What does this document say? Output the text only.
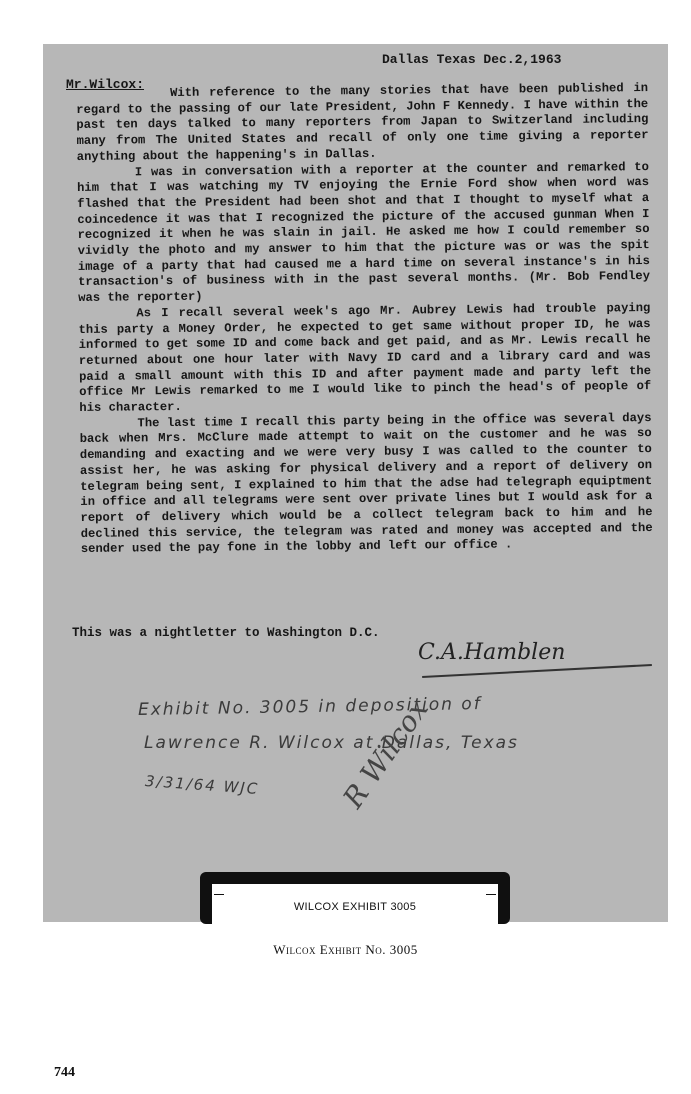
Dallas Texas Dec.2,1963
Mr.Wilcox:	With reference to the many stories that have been published in regard to the passing of our late President, John F Kennedy. I have within the past ten days talked to many reporters from Japan to Switzerland including many from The United States and recall of only one time giving a reporter anything about the happening's in Dallas.

I was in conversation with a reporter at the counter and remarked to him that I was watching my TV enjoying the Ernie Ford show when word was flashed that the President had been shot and that I thought to myself what a coincedence it was that I recognized the picture of the accused gunman When I recognized it when he was slain in jail. He asked me how I could remember so vividly the photo and my answer to him that the picture was or was the spit image of a party that had caused me a hard time on several instance's in his transaction's of business with in the past several months. (Mr. Bob Fendley was the reporter)

As I recall several week's ago Mr. Aubrey Lewis had trouble paying this party a Money Order, he expected to get same without proper ID, he was informed to get some ID and come back and get paid, and as Mr. Lewis recall he returned about one hour later with Navy ID card and a library card and was paid a small amount with this ID and after payment made and party left the office Mr Lewis remarked to me I would like to pinch the head's of people of his character.

The last time I recall this party being in the office was several days back when Mrs. McClure made attempt to wait on the customer and he was so demanding and exacting and we were very busy I was called to the counter to assist her, he was asking for physical delivery and a report of delivery on telegram being sent, I explained to him that the adse had telegraph equiptment in office and all telegrams were sent over private lines but I would ask for a report of delivery which would be a collect telegram back to him and he declined this service, the telegram was rated and money was accepted and the sender used the pay fone in the lobby and left our office .

This was a nightletter to Washington D.C.
C.A.Hamblen
Exhibit No. 3005 in deposition of
Lawrence R. Wilcox at Dallas, Texas
3/31/64 WJC	R Wilcox
WILCOX EXHIBIT 3005
Wilcox Exhibit No. 3005
744
